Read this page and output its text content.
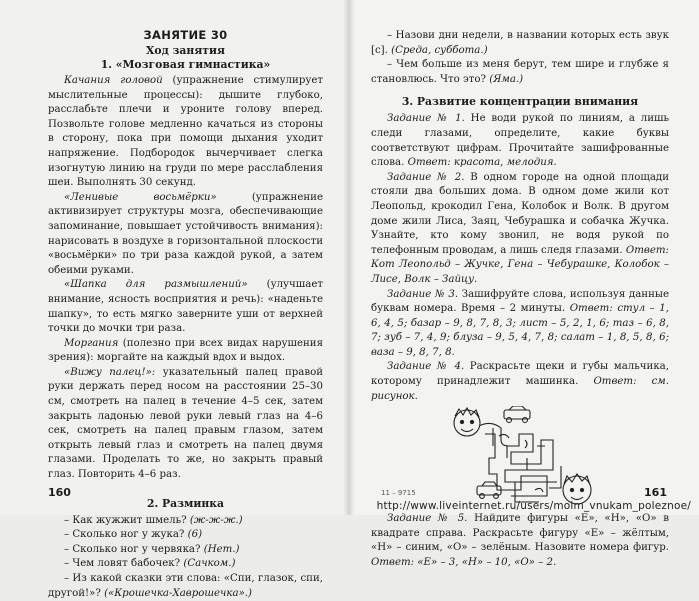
ЗАНЯТИЕ 30

Ход занятия

1. «Мозговая гимнастика»

Качания головой (упражнение стимулирует мыслительные процессы): дышите глубоко, расслабьте плечи и уроните голову вперед. Позвольте голове медленно качаться из стороны в сторону, пока при помощи дыхания уходит напряжение. Подбородок вычерчивает слегка изогнутую линию на груди по мере расслабления шеи. Выполнять 30 секунд.

«Ленивые восьмёрки» (упражнение активизирует структуры мозга, обеспечивающие запоминание, повышает устойчивость внимания): нарисовать в воздухе в горизонтальной плоскости «восьмёрки» по три раза каждой рукой, а затем обеими руками.

«Шапка для размышлений» (улучшает внимание, ясность восприятия и речь): «наденьте шапку», то есть мягко заверните уши от верхней точки до мочки три раза.

Моргания (полезно при всех видах нарушения зрения): моргайте на каждый вдох и выдох.

«Вижу палец!»: указательный палец правой руки держать перед носом на расстоянии 25–30 см, смотреть на палец в течение 4–5 сек, затем закрыть ладонью левой руки левый глаз на 4–6 сек, смотреть на палец правым глазом, затем открыть левый глаз и смотреть на палец двумя глазами. Проделать то же, но закрыть правый глаз. Повторить 4–6 раз.

2. Разминка

– Как жужжит шмель? (ж-ж-ж.)
– Сколько ног у жука? (6)
– Сколько ног у червяка? (Нет.)
– Чем ловят бабочек? (Сачком.)
– Из какой сказки эти слова: «Спи, глазок, спи, другой!»? («Крошечка-Хаврошечка».)
160

– Назови дни недели, в названии которых есть звук [с]. (Среда, суббота.)

– Чем больше из меня берут, тем шире и глубже я становлюсь. Что это? (Яма.)

3. Развитие концентрации внимания

Задание № 1. Не води рукой по линиям, а лишь следи глазами, определите, какие буквы соответствуют цифрам. Прочитайте зашифрованные слова. Ответ: красота, мелодия.

Задание № 2. В одном городе на одной площади стояли два больших дома. В одном доме жили кот Леопольд, крокодил Гена, Колобок и Волк. В другом доме жили Лиса, Заяц, Чебурашка и собачка Жучка. Узнайте, кто кому звонил, не водя рукой по телефонным проводам, а лишь следя глазами. Ответ: Кот Леопольд – Жучке, Гена – Чебурашке, Колобок – Лисе, Волк – Зайцу.

Задание № 3. Зашифруйте слова, используя данные буквам номера. Время – 2 минуты. Ответ: стул – 1, 6, 4, 5; базар – 9, 8, 7, 8, 3; лист – 5, 2, 1, 6; таз – 6, 8, 7; зуб – 7, 4, 9; блуза – 9, 5, 4, 7, 8; салат – 1, 8, 5, 8, 6; ваза – 9, 8, 7, 8.

Задание № 4. Раскрасьте щеки и губы мальчика, которому принадлежит машинка. Ответ: см. рисунок.

Задание № 5. Найдите фигуры «Е», «Н», «О» в квадрате справа. Раскрасьте фигуру «Е» – жёлтым, «Н» – синим, «О» – зелёным. Назовите номера фигур. Ответ: «Е» – 3, «Н» – 10, «О» – 2.

11 – 9715	161
http://www.liveinternet.ru/users/moim_vnukam_poleznoe/
